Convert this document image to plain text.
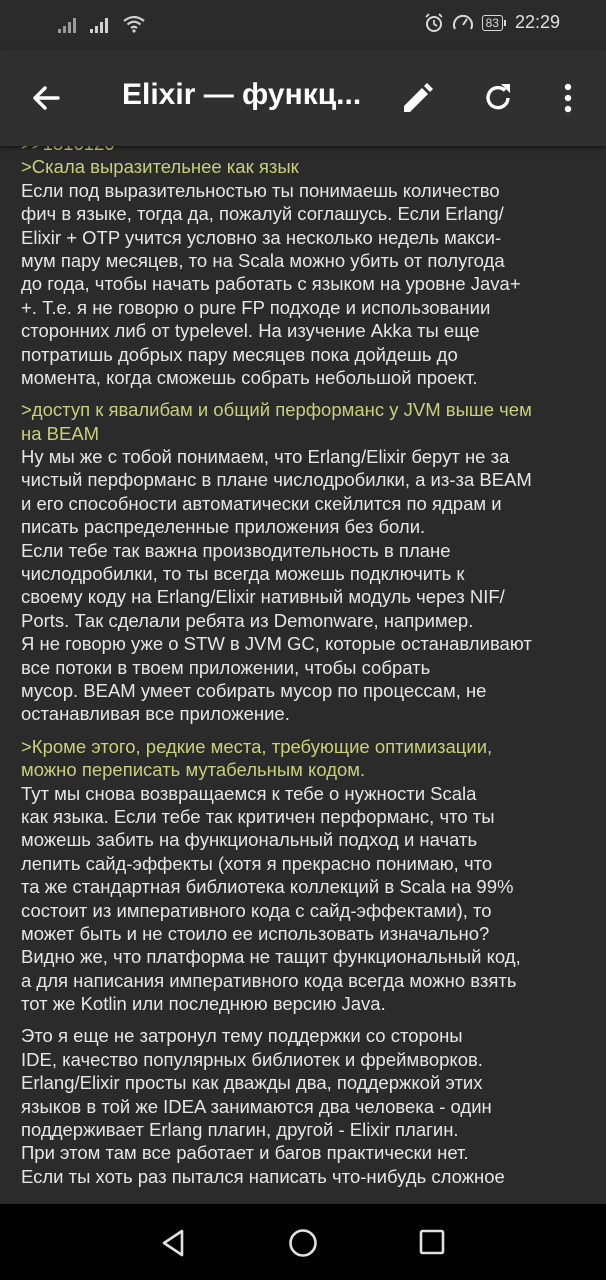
83 22:29
Elixir — функц...
>Скала выразительнее как язык
Если под выразительностью ты понимаешь количество
фич в языке, тогда да, пожалуй соглашусь. Если Erlang/
Elixir + OTP учится условно за несколько недель макси-
мум пару месяцев, то на Scala можно убить от полугода
до года, чтобы начать работать с языком на уровне Java+
+. Т.е. я не говорю о pure FP подходе и использовании
сторонних либ от typelevel. На изучение Akka ты еще
потратишь добрых пару месяцев пока дойдешь до
момента, когда сможешь собрать небольшой проект.
>доступ к явалибам и общий перформанс у JVM выше чем
на BEAM
Ну мы же с тобой понимаем, что Erlang/Elixir берут не за
чистый перформанс в плане числодробилки, а из-за BEAM
и его способности автоматически скейлится по ядрам и
писать распределенные приложения без боли.
Если тебе так важна производительность в плане
числодробилки, то ты всегда можешь подключить к
своему коду на Erlang/Elixir нативный модуль через NIF/
Ports. Так сделали ребята из Demonware, например.
Я не говорю уже о STW в JVM GC, которые останавливают
все потоки в твоем приложении, чтобы собрать
мусор. BEAM умеет собирать мусор по процессам, не
останавливая все приложение.
>Кроме этого, редкие места, требующие оптимизации,
можно переписать мутабельным кодом.
Тут мы снова возвращаемся к тебе о нужности Scala
как языка. Если тебе так критичен перформанс, что ты
можешь забить на функциональный подход и начать
лепить сайд-эффекты (хотя я прекрасно понимаю, что
та же стандартная библиотека коллекций в Scala на 99%
состоит из императивного кода с сайд-эффектами), то
может быть и не стоило ее использовать изначально?
Видно же, что платформа не тащит функциональный код,
а для написания императивного кода всегда можно взять
тот же Kotlin или последнюю версию Java.
Это я еще не затронул тему поддержки со стороны
IDE, качество популярных библиотек и фреймворков.
Erlang/Elixir просты как дважды два, поддержкой этих
языков в той же IDEA занимаются два человека - один
поддерживает Erlang плагин, другой - Elixir плагин.
При этом там все работает и багов практически нет.
Если ты хоть раз пытался написать что-нибудь сложное
